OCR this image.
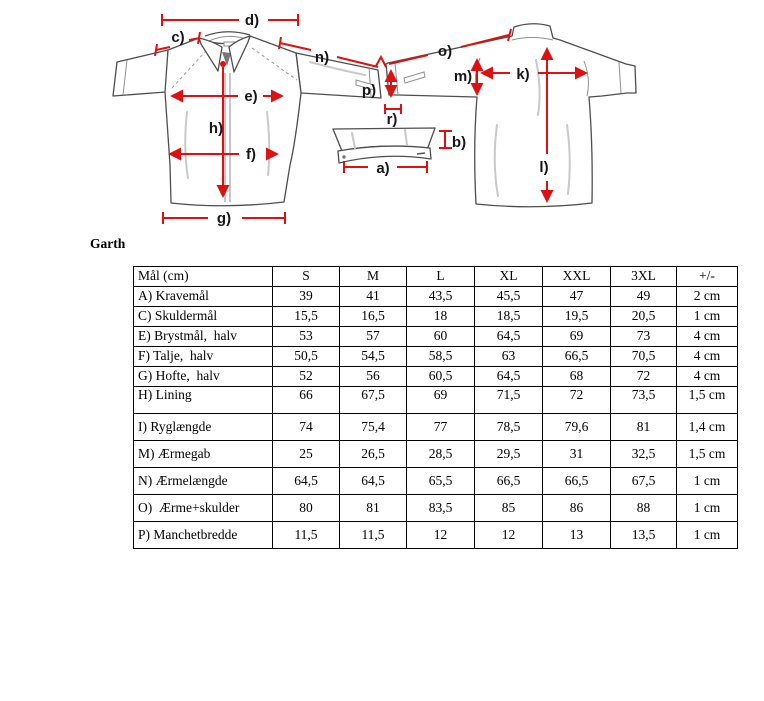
d)
c)
n)
e)
h)
f)
g)
p)
r)
a)
b)
o)
m)	k)
l)
Garth
Mål (cm)	S	M	L	XL	XXL	3XL	+/-
A) Kravemål	39	41	43,5	45,5	47	49	2 cm
C) Skuldermål	15,5	16,5	18	18,5	19,5	20,5	1 cm
E) Brystmål,  halv	53	57	60	64,5	69	73	4 cm
F) Talje,  halv	50,5	54,5	58,5	63	66,5	70,5	4 cm
G) Hofte,  halv	52	56	60,5	64,5	68	72	4 cm
H) Lining	66	67,5	69	71,5	72	73,5	1,5 cm
I) Ryglængde	74	75,4	77	78,5	79,6	81	1,4 cm
M) Ærmegab	25	26,5	28,5	29,5	31	32,5	1,5 cm
N) Ærmelængde	64,5	64,5	65,5	66,5	66,5	67,5	1 cm
O)  Ærme+skulder	80	81	83,5	85	86	88	1 cm
P) Manchetbredde	11,5	11,5	12	12	13	13,5	1 cm
